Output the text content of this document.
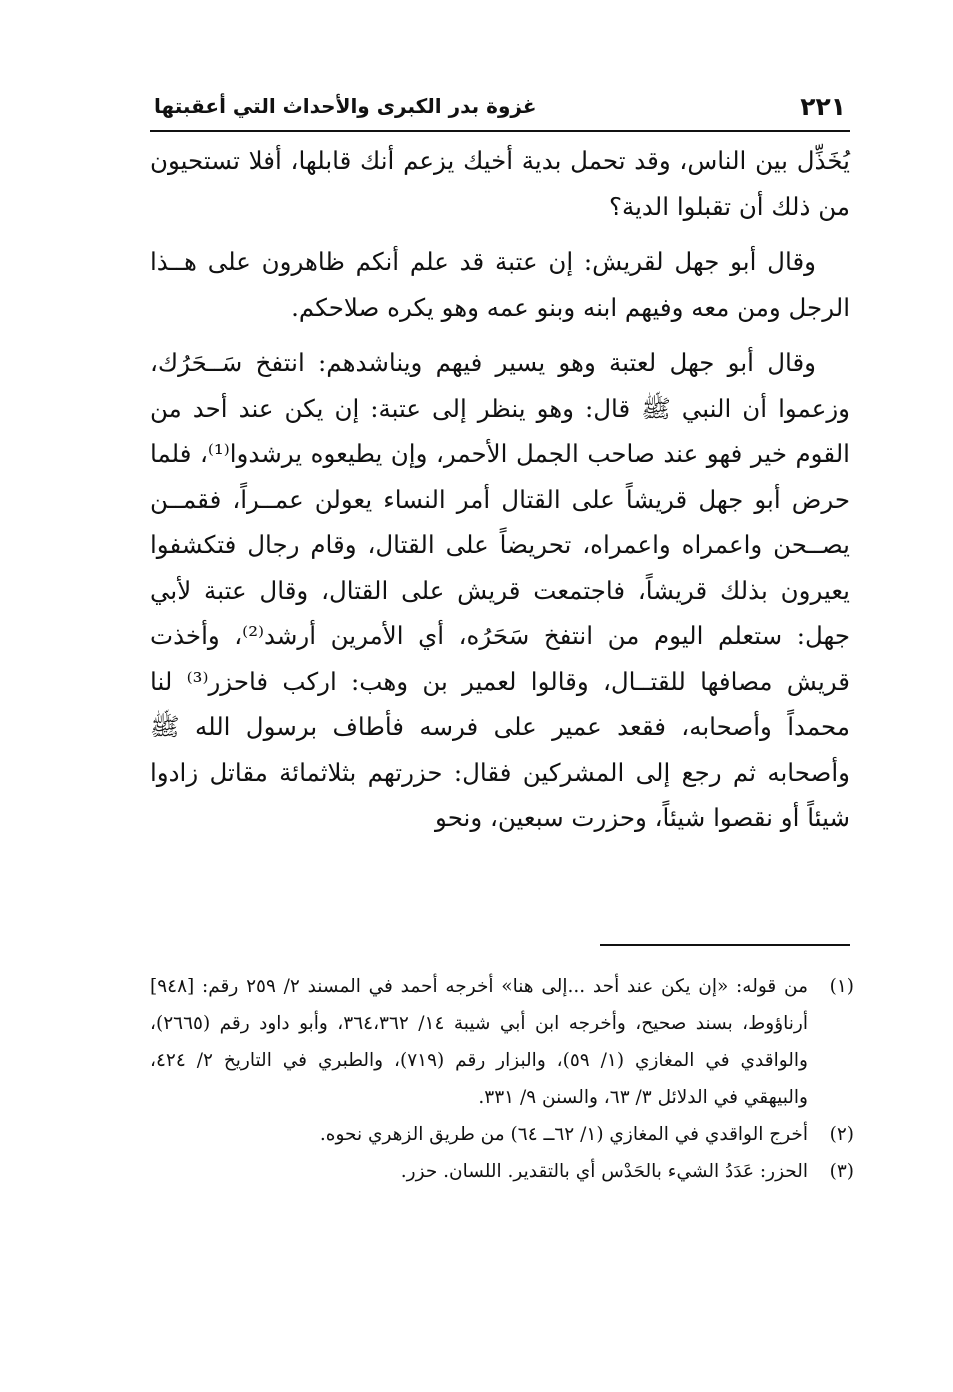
٢٢١
غزوة بدر الكبرى والأحداث التي أعقبتها

يُخَذِّل بين الناس، وقد تحمل بدية أخيك يزعم أنك قابلها، أفلا تستحيون من ذلك أن تقبلوا الدية؟

وقال أبو جهل لقريش: إن عتبة قد علم أنكم ظاهرون على هــذا الرجل ومن معه وفيهم ابنه وبنو عمه وهو يكره صلاحكم.

وقال أبو جهل لعتبة وهو يسير فيهم ويناشدهم: انتفخ سَــحَرُك، وزعموا أن النبي ﷺ قال: وهو ينظر إلى عتبة: إن يكن عند أحد من القوم خير فهو عند صاحب الجمل الأحمر، وإن يطيعوه يرشدوا⁽¹⁾، فلما حرض أبو جهل قريشاً على القتال أمر النساء يعولن عمــراً، فقمــن يصــحن واعمراه واعمراه، تحريضاً على القتال، وقام رجال فتكشفوا يعيرون بذلك قريشاً، فاجتمعت قريش على القتال، وقال عتبة لأبي جهل: ستعلم اليوم من انتفخ سَحَرُه، أي الأمرين أرشد⁽²⁾، وأخذت قريش مصافها للقتــال، وقالوا لعمير بن وهب: اركب فاحزر⁽³⁾ لنا محمداً وأصحابه، فقعد عمير على فرسه فأطاف برسول الله ﷺ وأصحابه ثم رجع إلى المشركين فقال: حزرتهم بثلاثمائة مقاتل زادوا شيئاً أو نقصوا شيئاً، وحزرت سبعين، ونحو

(١)
من قوله: «إن يكن عند أحد ...إلى هنا» أخرجه أحمد في المسند ٢/ ٢٥٩ رقم: [٩٤٨] أرناؤوط، بسند صحيح، وأخرجه ابن أبي شيبة ١٤/ ٣٦٤،٣٦٢، وأبو داود رقم (٢٦٦٥)، والواقدي في المغازي (١/ ٥٩)، والبزار رقم (٧١٩)، والطبري في التاريخ ٢/ ٤٢٤، والبيهقي في الدلائل ٣/ ٦٣، والسنن ٩/ ٣٣١.
(٢)
أخرج الواقدي في المغازي (١/ ٦٢ــ ٦٤) من طريق الزهري نحوه.
(٣)
الحزر: عَدَدُ الشيء بالحَدْس أي بالتقدير. اللسان. حزر.
